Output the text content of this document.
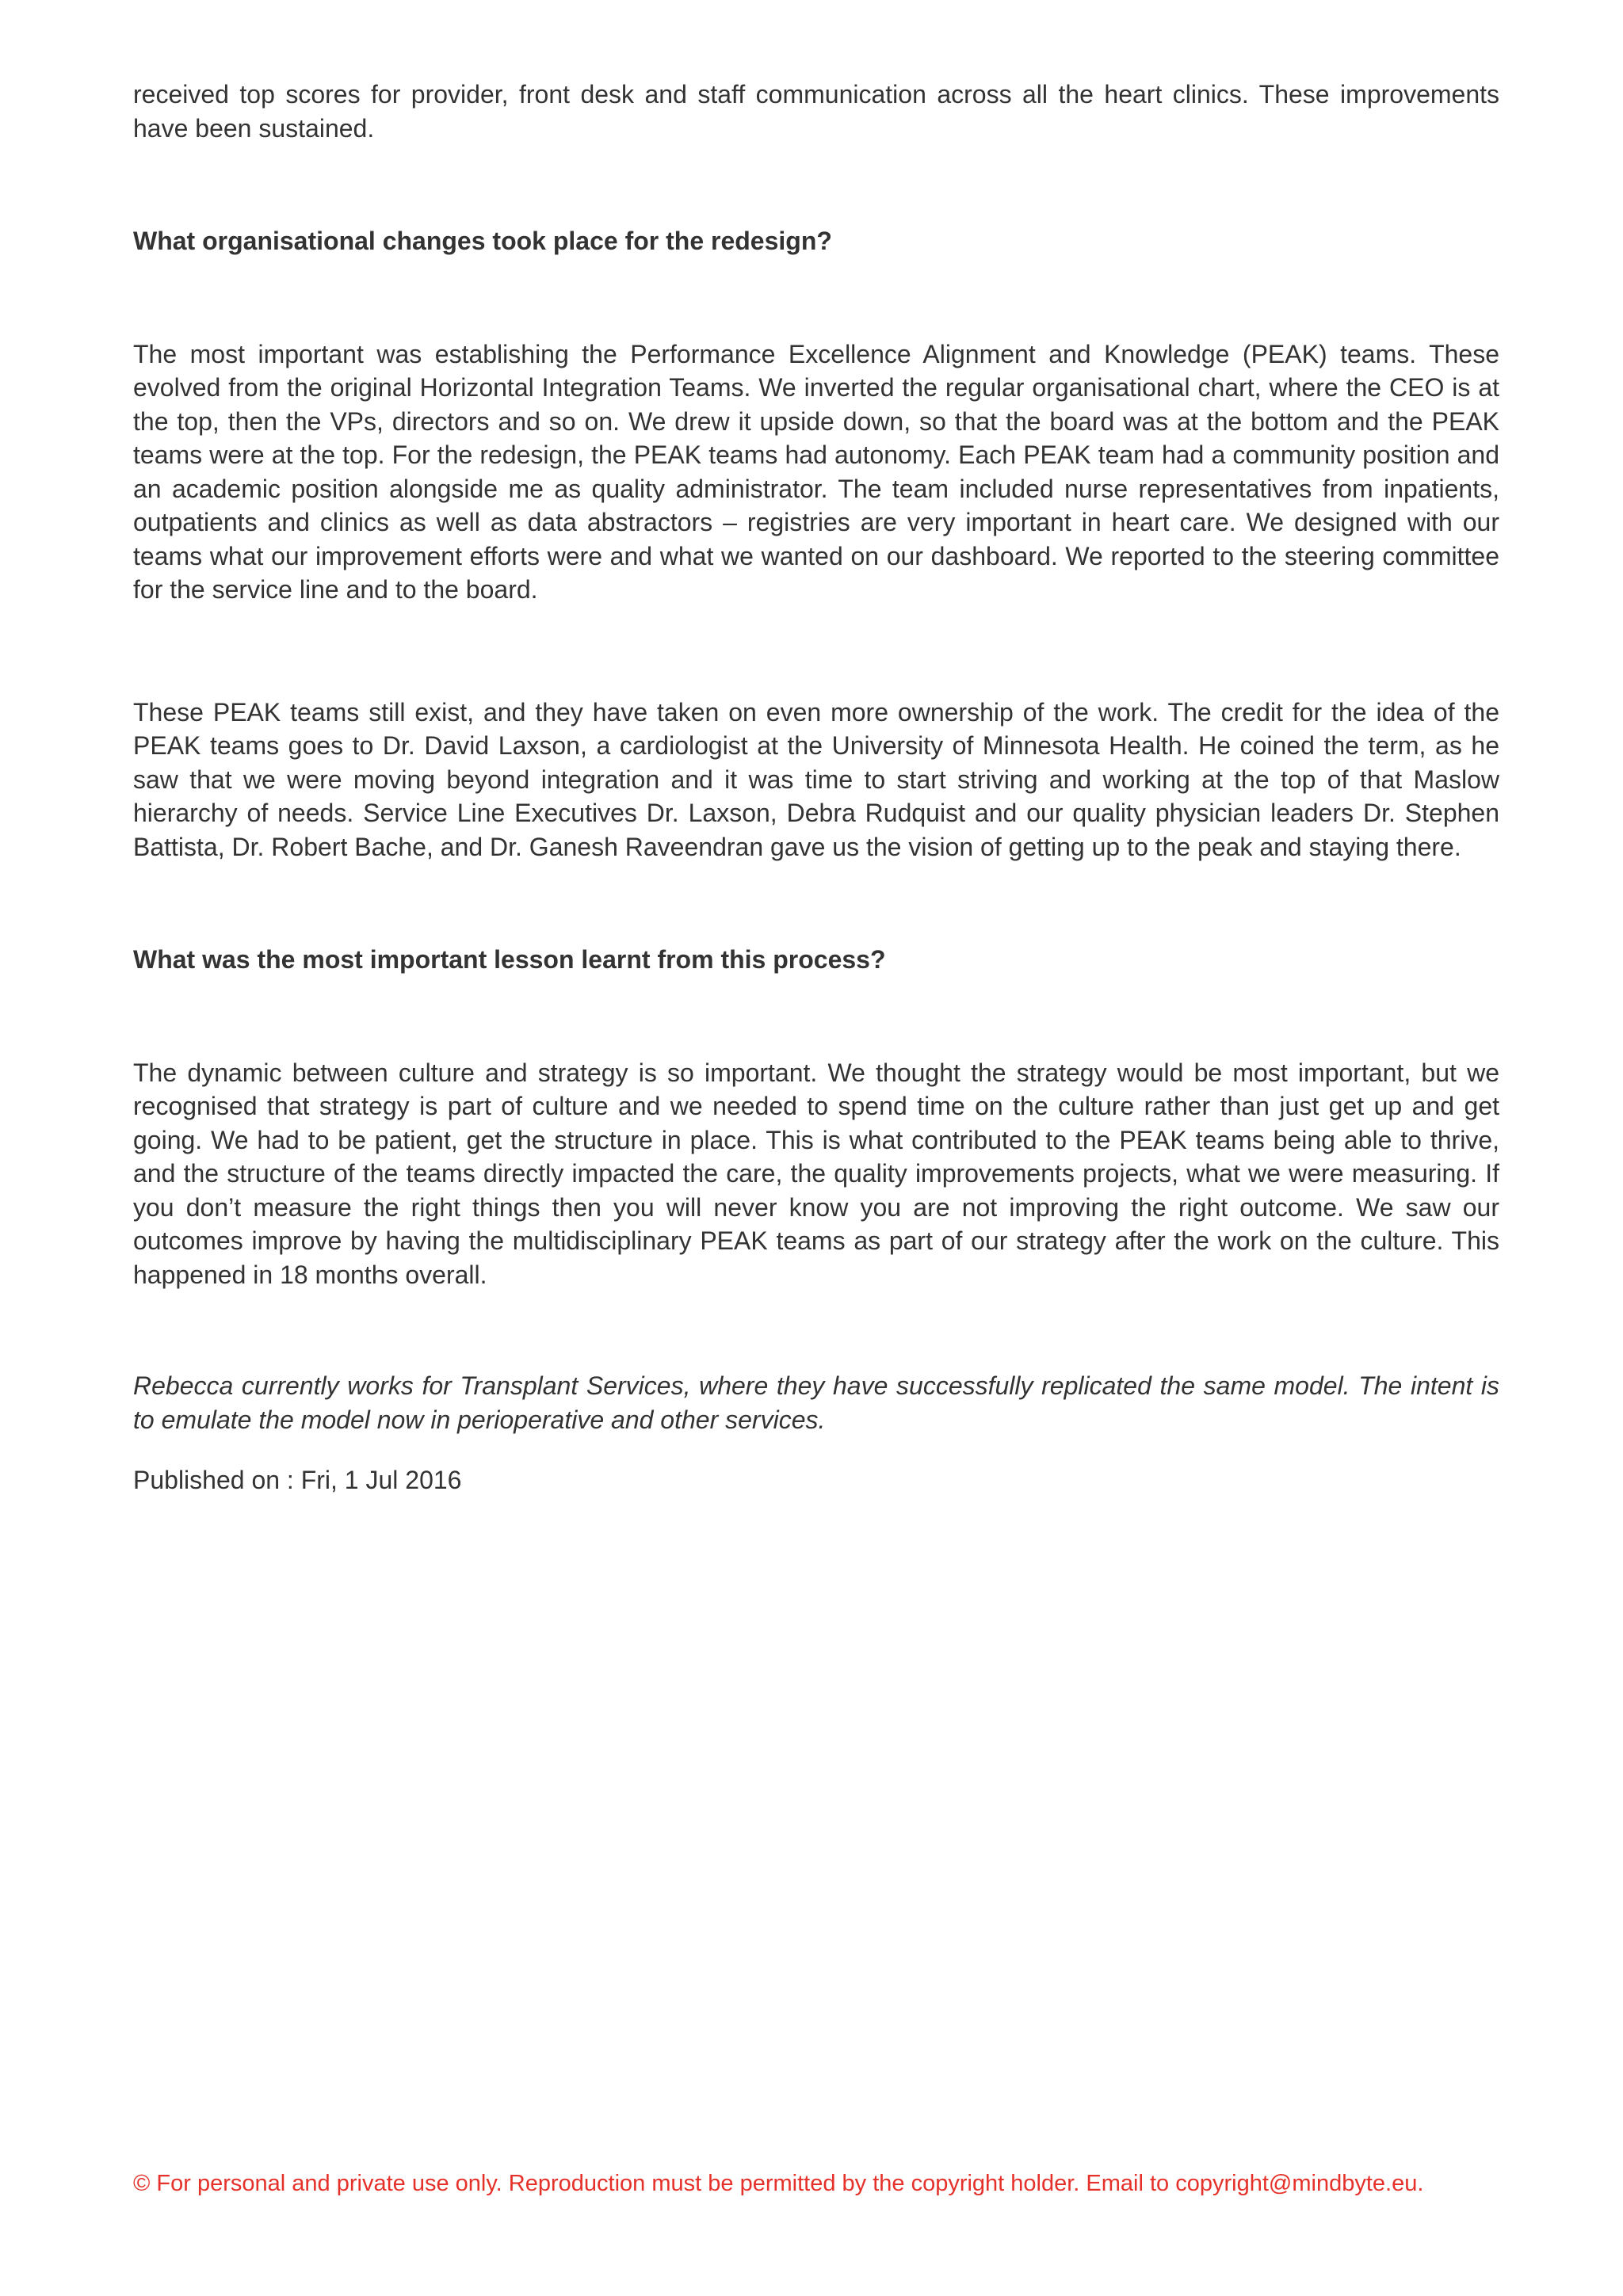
received top scores for provider, front desk and staff communication across all the heart clinics. These improvements have been sustained.

What organisational changes took place for the redesign?

The most important was establishing the Performance Excellence Alignment and Knowledge (PEAK) teams. These evolved from the original Horizontal Integration Teams. We inverted the regular organisational chart, where the CEO is at the top, then the VPs, directors and so on. We drew it upside down, so that the board was at the bottom and the PEAK teams were at the top. For the redesign, the PEAK teams had autonomy. Each PEAK team had a community position and an academic position alongside me as quality administrator. The team included nurse representatives from inpatients, outpatients and clinics as well as data abstractors – registries are very important in heart care. We designed with our teams what our improvement efforts were and what we wanted on our dashboard. We reported to the steering committee for the service line and to the board.

These PEAK teams still exist, and they have taken on even more ownership of the work. The credit for the idea of the PEAK teams goes to Dr. David Laxson, a cardiologist at the University of Minnesota Health. He coined the term, as he saw that we were moving beyond integration and it was time to start striving and working at the top of that Maslow hierarchy of needs. Service Line Executives Dr. Laxson, Debra Rudquist and our quality physician leaders Dr. Stephen Battista, Dr. Robert Bache, and Dr. Ganesh Raveendran gave us the vision of getting up to the peak and staying there.

What was the most important lesson learnt from this process?

The dynamic between culture and strategy is so important. We thought the strategy would be most important, but we recognised that strategy is part of culture and we needed to spend time on the culture rather than just get up and get going. We had to be patient, get the structure in place. This is what contributed to the PEAK teams being able to thrive, and the structure of the teams directly impacted the care, the quality improvements projects, what we were measuring. If you don’t measure the right things then you will never know you are not improving the right outcome. We saw our outcomes improve by having the multidisciplinary PEAK teams as part of our strategy after the work on the culture. This happened in 18 months overall.

Rebecca currently works for Transplant Services, where they have successfully replicated the same model. The intent is to emulate the model now in perioperative and other services.

Published on : Fri, 1 Jul 2016

© For personal and private use only. Reproduction must be permitted by the copyright holder. Email to copyright@mindbyte.eu.
